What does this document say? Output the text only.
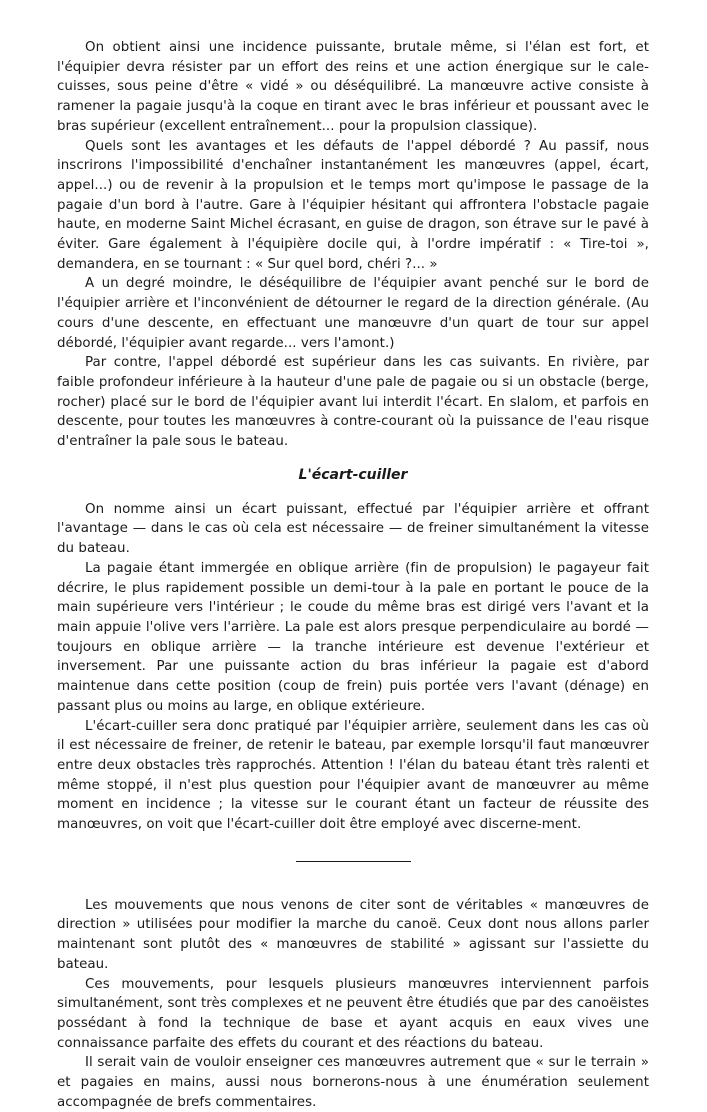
On obtient ainsi une incidence puissante, brutale même, si l'élan est fort, et l'équipier devra résister par un effort des reins et une action énergique sur le cale-cuisses, sous peine d'être « vidé » ou déséquilibré. La manœuvre active consiste à ramener la pagaie jusqu'à la coque en tirant avec le bras inférieur et poussant avec le bras supérieur (excellent entraînement... pour la propulsion classique).

Quels sont les avantages et les défauts de l'appel débordé ? Au passif, nous inscrirons l'impossibilité d'enchaîner instantanément les manœuvres (appel, écart, appel...) ou de revenir à la propulsion et le temps mort qu'impose le passage de la pagaie d'un bord à l'autre. Gare à l'équipier hésitant qui affrontera l'obstacle pagaie haute, en moderne Saint Michel écrasant, en guise de dragon, son étrave sur le pavé à éviter. Gare également à l'équipière docile qui, à l'ordre impératif : « Tire-toi », demandera, en se tournant : « Sur quel bord, chéri ?... »

A un degré moindre, le déséquilibre de l'équipier avant penché sur le bord de l'équipier arrière et l'inconvénient de détourner le regard de la direction générale. (Au cours d'une descente, en effectuant une manœuvre d'un quart de tour sur appel débordé, l'équipier avant regarde... vers l'amont.)

Par contre, l'appel débordé est supérieur dans les cas suivants. En rivière, par faible profondeur inférieure à la hauteur d'une pale de pagaie ou si un obstacle (berge, rocher) placé sur le bord de l'équipier avant lui interdit l'écart. En slalom, et parfois en descente, pour toutes les manœuvres à contre-courant où la puissance de l'eau risque d'entraîner la pale sous le bateau.

L'écart-cuiller

On nomme ainsi un écart puissant, effectué par l'équipier arrière et offrant l'avantage — dans le cas où cela est nécessaire — de freiner simultanément la vitesse du bateau.

La pagaie étant immergée en oblique arrière (fin de propulsion) le pagayeur fait décrire, le plus rapidement possible un demi-tour à la pale en portant le pouce de la main supérieure vers l'intérieur ; le coude du même bras est dirigé vers l'avant et la main appuie l'olive vers l'arrière. La pale est alors presque perpendiculaire au bordé — toujours en oblique arrière — la tranche intérieure est devenue l'extérieur et inversement. Par une puissante action du bras inférieur la pagaie est d'abord maintenue dans cette position (coup de frein) puis portée vers l'avant (dénage) en passant plus ou moins au large, en oblique extérieure.

L'écart-cuiller sera donc pratiqué par l'équipier arrière, seulement dans les cas où il est nécessaire de freiner, de retenir le bateau, par exemple lorsqu'il faut manœuvrer entre deux obstacles très rapprochés. Attention ! l'élan du bateau étant très ralenti et même stoppé, il n'est plus question pour l'équipier avant de manœuvrer au même moment en incidence ; la vitesse sur le courant étant un facteur de réussite des manœuvres, on voit que l'écart-cuiller doit être employé avec discerne-ment.

Les mouvements que nous venons de citer sont de véritables « manœuvres de direction » utilisées pour modifier la marche du canoë. Ceux dont nous allons parler maintenant sont plutôt des « manœuvres de stabilité » agissant sur l'assiette du bateau.

Ces mouvements, pour lesquels plusieurs manœuvres interviennent parfois simultanément, sont très complexes et ne peuvent être étudiés que par des canoëistes possédant à fond la technique de base et ayant acquis en eaux vives une connaissance parfaite des effets du courant et des réactions du bateau.

Il serait vain de vouloir enseigner ces manœuvres autrement que « sur le terrain » et pagaies en mains, aussi nous bornerons-nous à une énumération seulement accompagnée de brefs commentaires.
